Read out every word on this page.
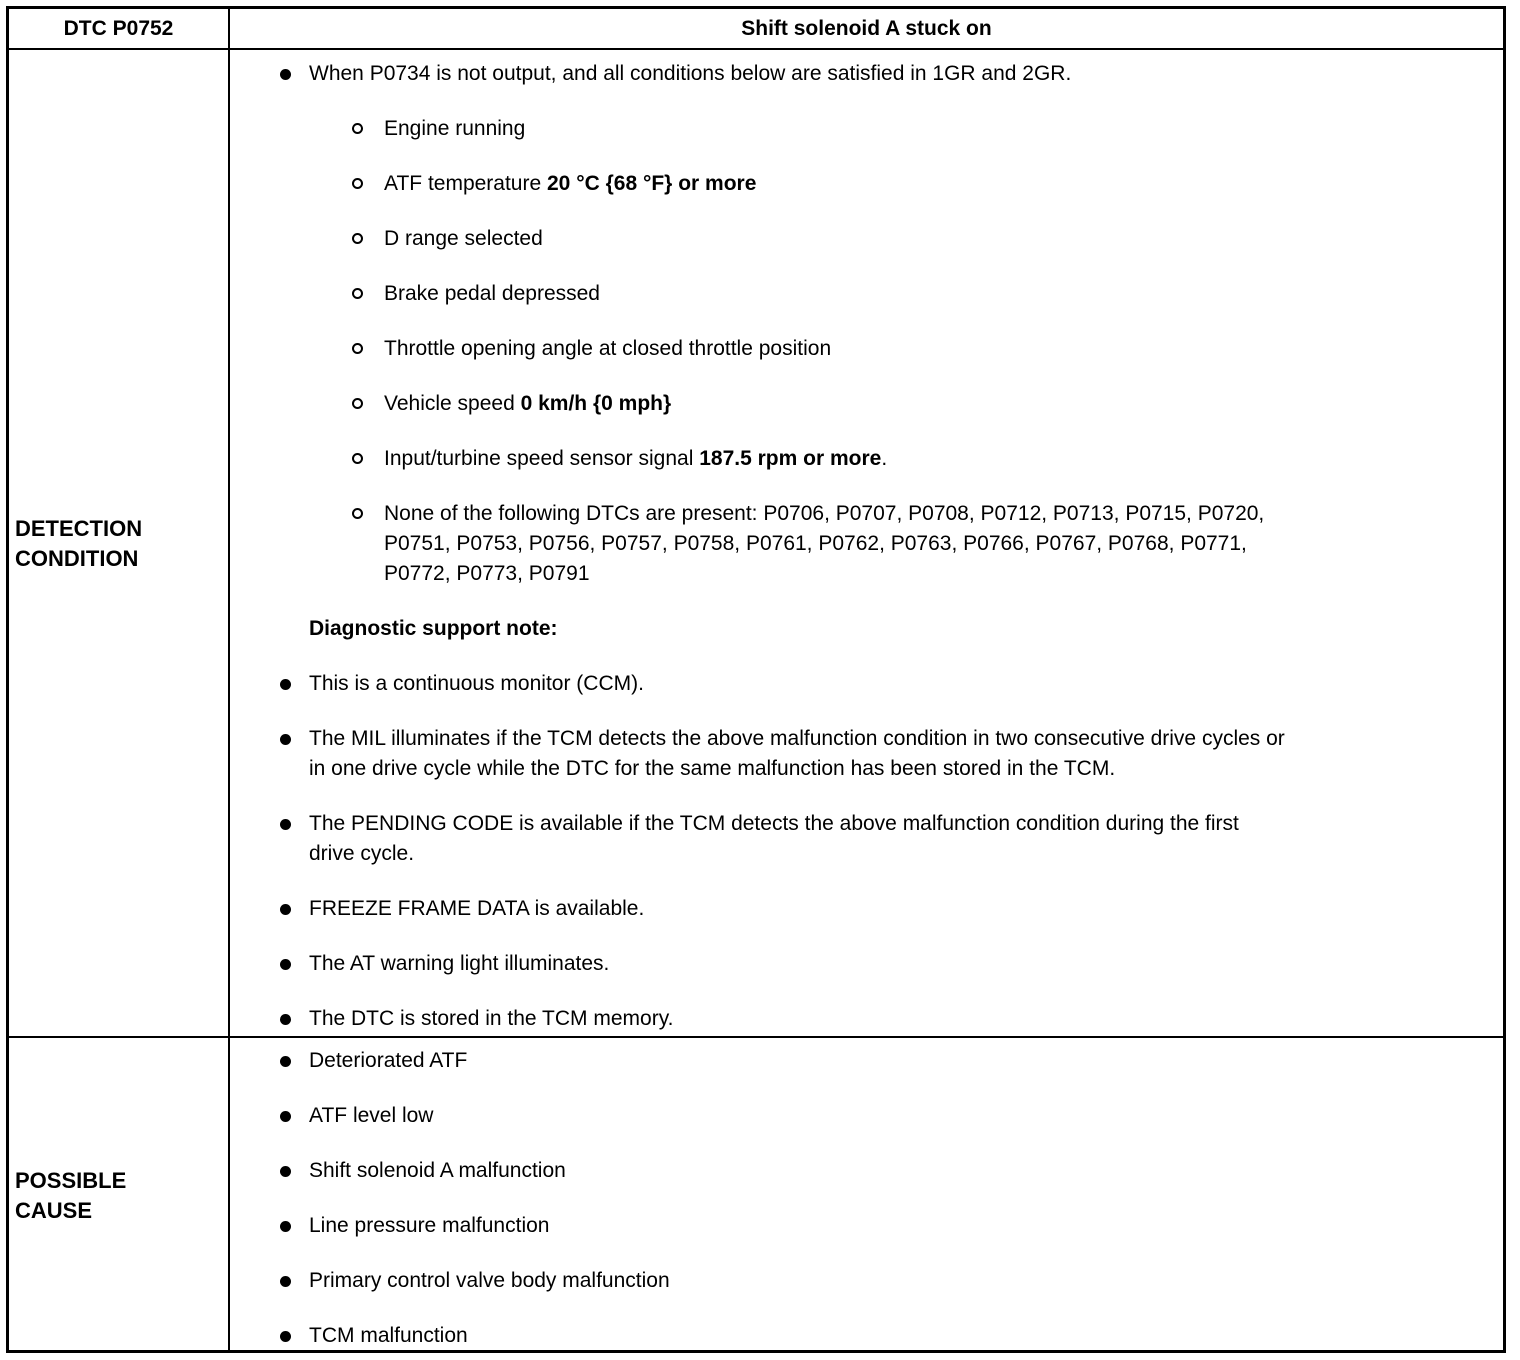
DTC P0752	Shift solenoid A stuck on
DETECTION
CONDITION
When P0734 is not output, and all conditions below are satisfied in 1GR and 2GR.
Engine running
ATF temperature 20 °C {68 °F} or more
D range selected
Brake pedal depressed
Throttle opening angle at closed throttle position
Vehicle speed 0 km/h {0 mph}
Input/turbine speed sensor signal 187.5 rpm or more.
None of the following DTCs are present: P0706, P0707, P0708, P0712, P0713, P0715, P0720,
P0751, P0753, P0756, P0757, P0758, P0761, P0762, P0763, P0766, P0767, P0768, P0771,
P0772, P0773, P0791
Diagnostic support note:
This is a continuous monitor (CCM).
The MIL illuminates if the TCM detects the above malfunction condition in two consecutive drive cycles or
in one drive cycle while the DTC for the same malfunction has been stored in the TCM.
The PENDING CODE is available if the TCM detects the above malfunction condition during the first
drive cycle.
FREEZE FRAME DATA is available.
The AT warning light illuminates.
The DTC is stored in the TCM memory.
POSSIBLE
CAUSE
Deteriorated ATF
ATF level low
Shift solenoid A malfunction
Line pressure malfunction
Primary control valve body malfunction
TCM malfunction
